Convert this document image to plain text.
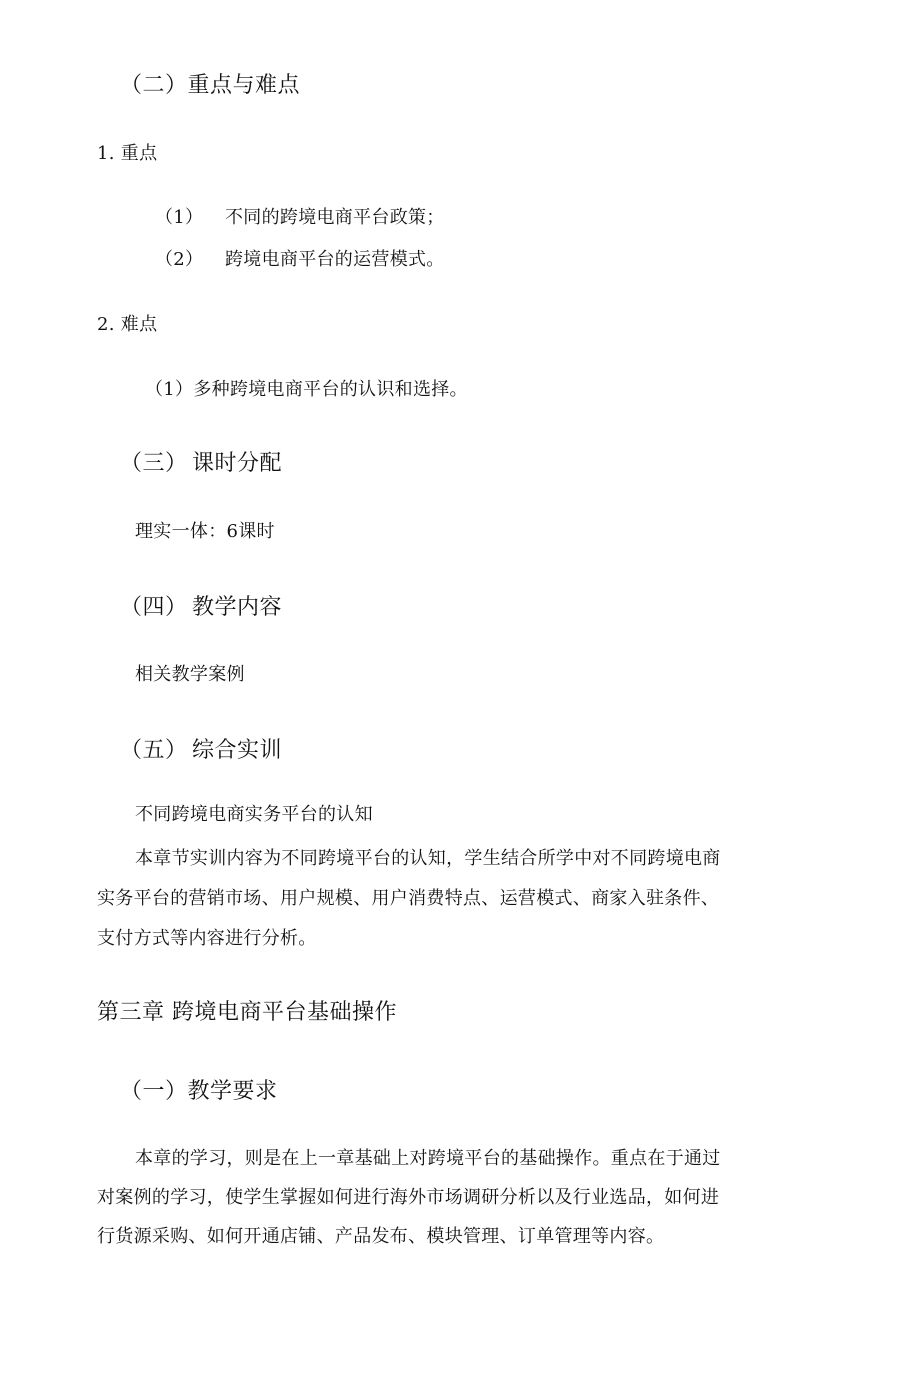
（二）重点与难点
1. 重点
（1） 不同的跨境电商平台政策；
（2） 跨境电商平台的运营模式。
2. 难点
（1）多种跨境电商平台的认识和选择。
（三） 课时分配
理实一体：6课时
（四） 教学内容
相关教学案例
（五） 综合实训
不同跨境电商实务平台的认知
本章节实训内容为不同跨境平台的认知，学生结合所学中对不同跨境电商
实务平台的营销市场、用户规模、用户消费特点、运营模式、商家入驻条件、
支付方式等内容进行分析。
第三章 跨境电商平台基础操作
（一）教学要求
本章的学习，则是在上一章基础上对跨境平台的基础操作。重点在于通过
对案例的学习，使学生掌握如何进行海外市场调研分析以及行业选品，如何进
行货源采购、如何开通店铺、产品发布、模块管理、订单管理等内容。
